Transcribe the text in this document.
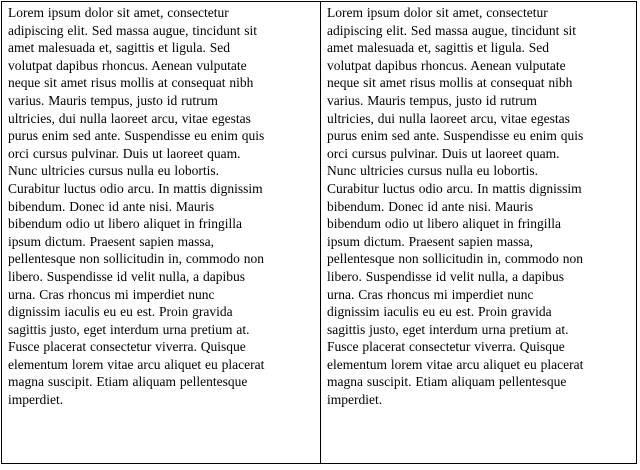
Lorem ipsum dolor sit amet, consectetur
adipiscing elit. Sed massa augue, tincidunt sit
amet malesuada et, sagittis et ligula. Sed
volutpat dapibus rhoncus. Aenean vulputate
neque sit amet risus mollis at consequat nibh
varius. Mauris tempus, justo id rutrum
ultricies, dui nulla laoreet arcu, vitae egestas
purus enim sed ante. Suspendisse eu enim quis
orci cursus pulvinar. Duis ut laoreet quam.
Nunc ultricies cursus nulla eu lobortis.
Curabitur luctus odio arcu. In mattis dignissim
bibendum. Donec id ante nisi. Mauris
bibendum odio ut libero aliquet in fringilla
ipsum dictum. Praesent sapien massa,
pellentesque non sollicitudin in, commodo non
libero. Suspendisse id velit nulla, a dapibus
urna. Cras rhoncus mi imperdiet nunc
dignissim iaculis eu eu est. Proin gravida
sagittis justo, eget interdum urna pretium at.
Fusce placerat consectetur viverra. Quisque
elementum lorem vitae arcu aliquet eu placerat
magna suscipit. Etiam aliquam pellentesque
imperdiet.

Lorem ipsum dolor sit amet, consectetur
adipiscing elit. Sed massa augue, tincidunt sit
amet malesuada et, sagittis et ligula. Sed
volutpat dapibus rhoncus. Aenean vulputate
neque sit amet risus mollis at consequat nibh
varius. Mauris tempus, justo id rutrum
ultricies, dui nulla laoreet arcu, vitae egestas
purus enim sed ante. Suspendisse eu enim quis
orci cursus pulvinar. Duis ut laoreet quam.
Nunc ultricies cursus nulla eu lobortis.
Curabitur luctus odio arcu. In mattis dignissim
bibendum. Donec id ante nisi. Mauris
bibendum odio ut libero aliquet in fringilla
ipsum dictum. Praesent sapien massa,
pellentesque non sollicitudin in, commodo non
libero. Suspendisse id velit nulla, a dapibus
urna. Cras rhoncus mi imperdiet nunc
dignissim iaculis eu eu est. Proin gravida
sagittis justo, eget interdum urna pretium at.
Fusce placerat consectetur viverra. Quisque
elementum lorem vitae arcu aliquet eu placerat
magna suscipit. Etiam aliquam pellentesque
imperdiet.
